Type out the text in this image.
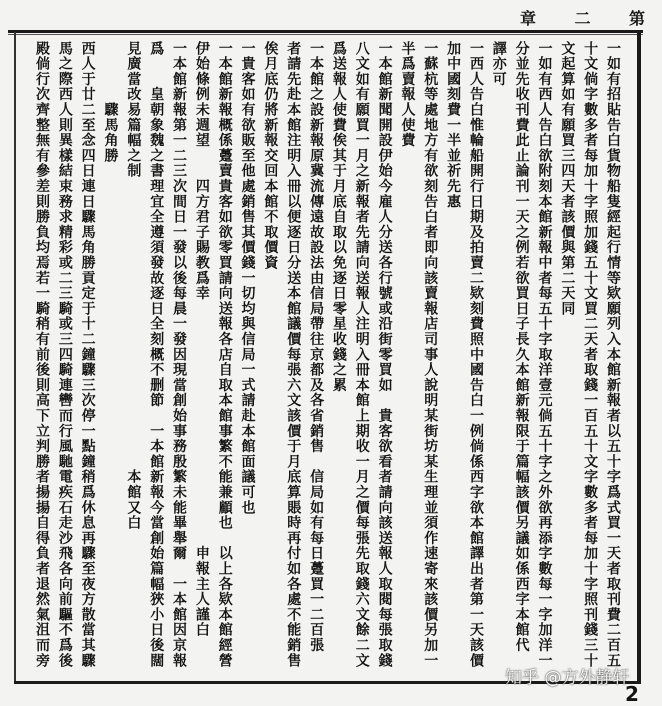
章 二 第
一如有招貼告白貨物船隻經起行情等欵願列入本館新報者以五十字爲式買一天者取刊費二百五
十文倘字數多者每加十字照加錢五十文買二天者取錢一百五十文字數多者每加十字照刊錢三十
文起算如有願買三四天者該價與第二天同
一如有西人告白欲附刻本館新報中者每五十字取洋壹元倘五十字之外欲再添字數每一字加洋一
分並先收刊費此止論刊一天之例若欲買日子長久本館新報限于篇幅該價另議如係西字本館代
譯亦可
一西人告白惟輪船開行日期及拍賣二欵刻費照中國告白一例倘係西字欲本館譯出者第一天該價
加中國刻費一半並祈先惠
一蘇杭等處地方有欲刻告白者即向該賣報店司事人說明某街坊某生理並須作速寄來該價另加一
半爲賣報人使費
一本館新聞開設伊始今雇人分送各行號或沿街零買如　貴客欲看者請向該送報人取閱每張取錢
八文如有願買一月之新報者先請向送報人注明入冊本館上期收一月之價每張先取錢六文餘二文
爲送報人使費俟其于月底自取以免逐日零星收錢之累
一本館之設新報原冀流傳遠故設法由信局帶往京都及各省銷售　信局如有每日躉買一二百張
者請先赴本館注明入冊以便逐日分送本館議價每張六文該價于月底算賬時再付如各處不能銷售
俟月底仍將新報交回本館不取價資
一貴客如有欲販至他處銷售其價錢一切均與信局一式請赴本館面議可也
一本館新報概係躉賣貴客如欲零買請向送報各店自取本館事繁不能兼顧也　以上各欵本館經營
伊始條例未週望　　四方君子賜教爲幸　　　　　　　　　　　　　　　　申報主人謹白
一本館新報第一二三次間日一發以後每晨一發因現當創始事務殷繁未能畢舉爾　一本館因京報
爲　　皇朝象魏之書理宜全遵須發故逐日全刻概不删節　一本館新報今當創始篇幅狹小日後闊
見廣當改易篇幅之制　　　　　　　　　　　　　　　　　　　本館又白
　　　　驟馬角勝
西人于廿二至念四日連日驟馬角勝貢定于十二鐘驟三次停一點鐘稍爲休息再驟至夜方散當其驟
馬之際西人則異樣結束務求精彩或二三騎或三四騎連轡而行風馳電疾石走沙飛各向前驅不爲後
殿倘行次齊整無有參差則勝負均焉若一騎稍有前後則高下立判勝者揚揚自得負者退然氣沮而旁
2
知乎 @方外静轩
